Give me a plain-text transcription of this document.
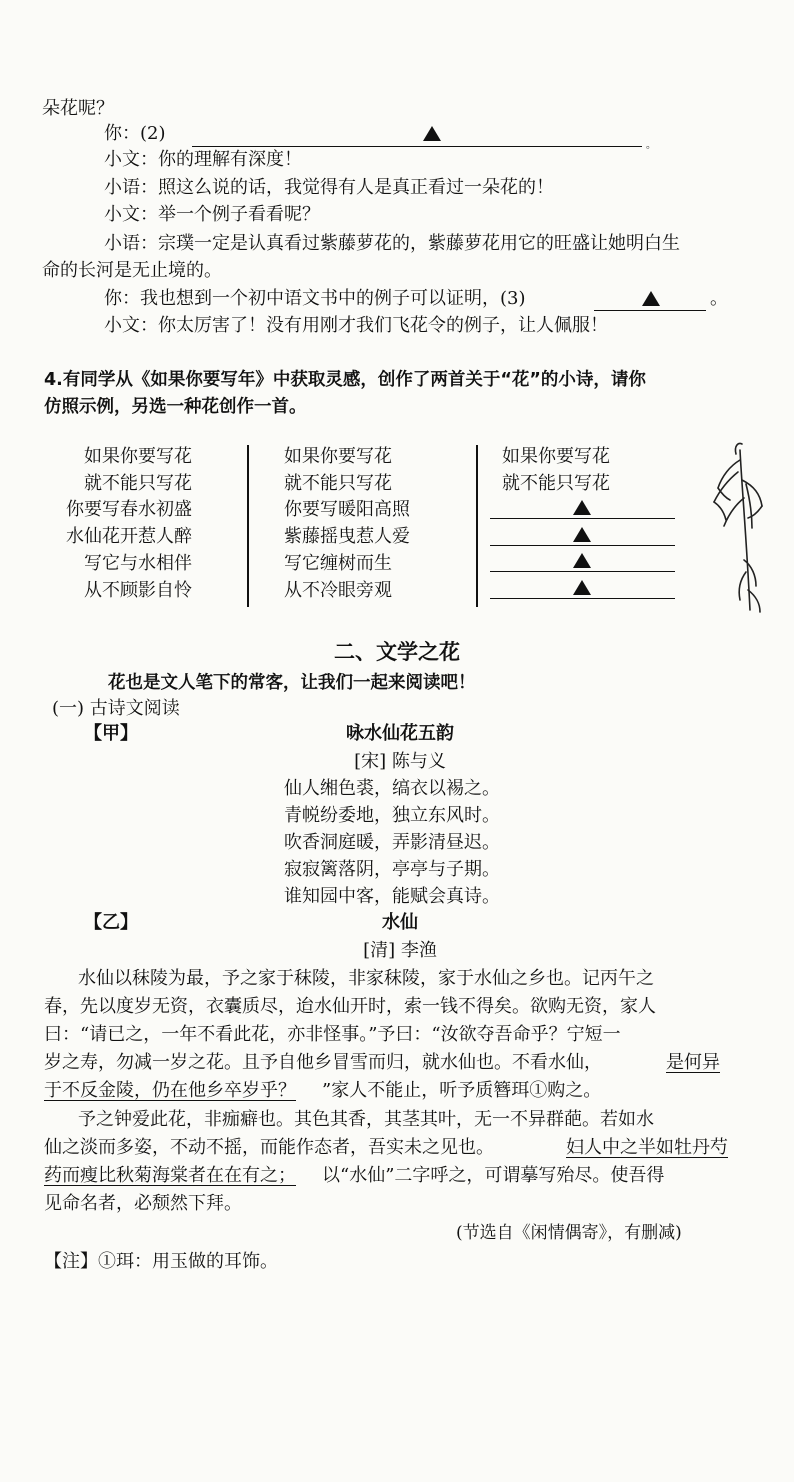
朵花呢？
你：(2)
。
小文：你的理解有深度！
小语：照这么说的话，我觉得有人是真正看过一朵花的！
小文：举一个例子看看呢？
小语：宗璞一定是认真看过紫藤萝花的，紫藤萝花用它的旺盛让她明白生
命的长河是无止境的。
你：我也想到一个初中语文书中的例子可以证明，(3)	。
小文：你太厉害了！没有用刚才我们飞花令的例子，让人佩服！
4.有同学从《如果你要写年》中获取灵感，创作了两首关于“花”的小诗，请你
仿照示例，另选一种花创作一首。
如果你要写花
就不能只写花
你要写春水初盛
水仙花开惹人醉
写它与水相伴
从不顾影自怜
如果你要写花
就不能只写花
你要写暖阳高照
紫藤摇曳惹人爱
写它缠树而生
从不冷眼旁观
如果你要写花
就不能只写花
二、文学之花
花也是文人笔下的常客，让我们一起来阅读吧！
(一) 古诗文阅读
【甲】	咏水仙花五韵
[宋] 陈与义
仙人缃色裘，缟衣以裼之。
青帨纷委地，独立东风时。
吹香洞庭暖，弄影清昼迟。
寂寂篱落阴，亭亭与子期。
谁知园中客，能赋会真诗。
【乙】	水仙
[清] 李渔
水仙以秣陵为最，予之家于秣陵，非家秣陵，家于水仙之乡也。记丙午之
春，先以度岁无资，衣囊质尽，迨水仙开时，索一钱不得矣。欲购无资，家人
曰：“请已之，一年不看此花，亦非怪事。”予曰：“汝欲夺吾命乎？宁短一
岁之寿，勿减一岁之花。且予自他乡冒雪而归，就水仙也。不看水仙，	是何异
于不反金陵，仍在他乡卒岁乎？ ”家人不能止，听予质簪珥①购之。
予之钟爱此花，非痂癖也。其色其香，其茎其叶，无一不异群葩。若如水
仙之淡而多姿，不动不摇，而能作态者，吾实未之见也。	妇人中之半如牡丹芍
药而瘦比秋菊海棠者在在有之； 以“水仙”二字呼之，可谓摹写殆尽。使吾得
见命名者，必颓然下拜。
(节选自《闲情偶寄》，有删减)
【注】①珥：用玉做的耳饰。
